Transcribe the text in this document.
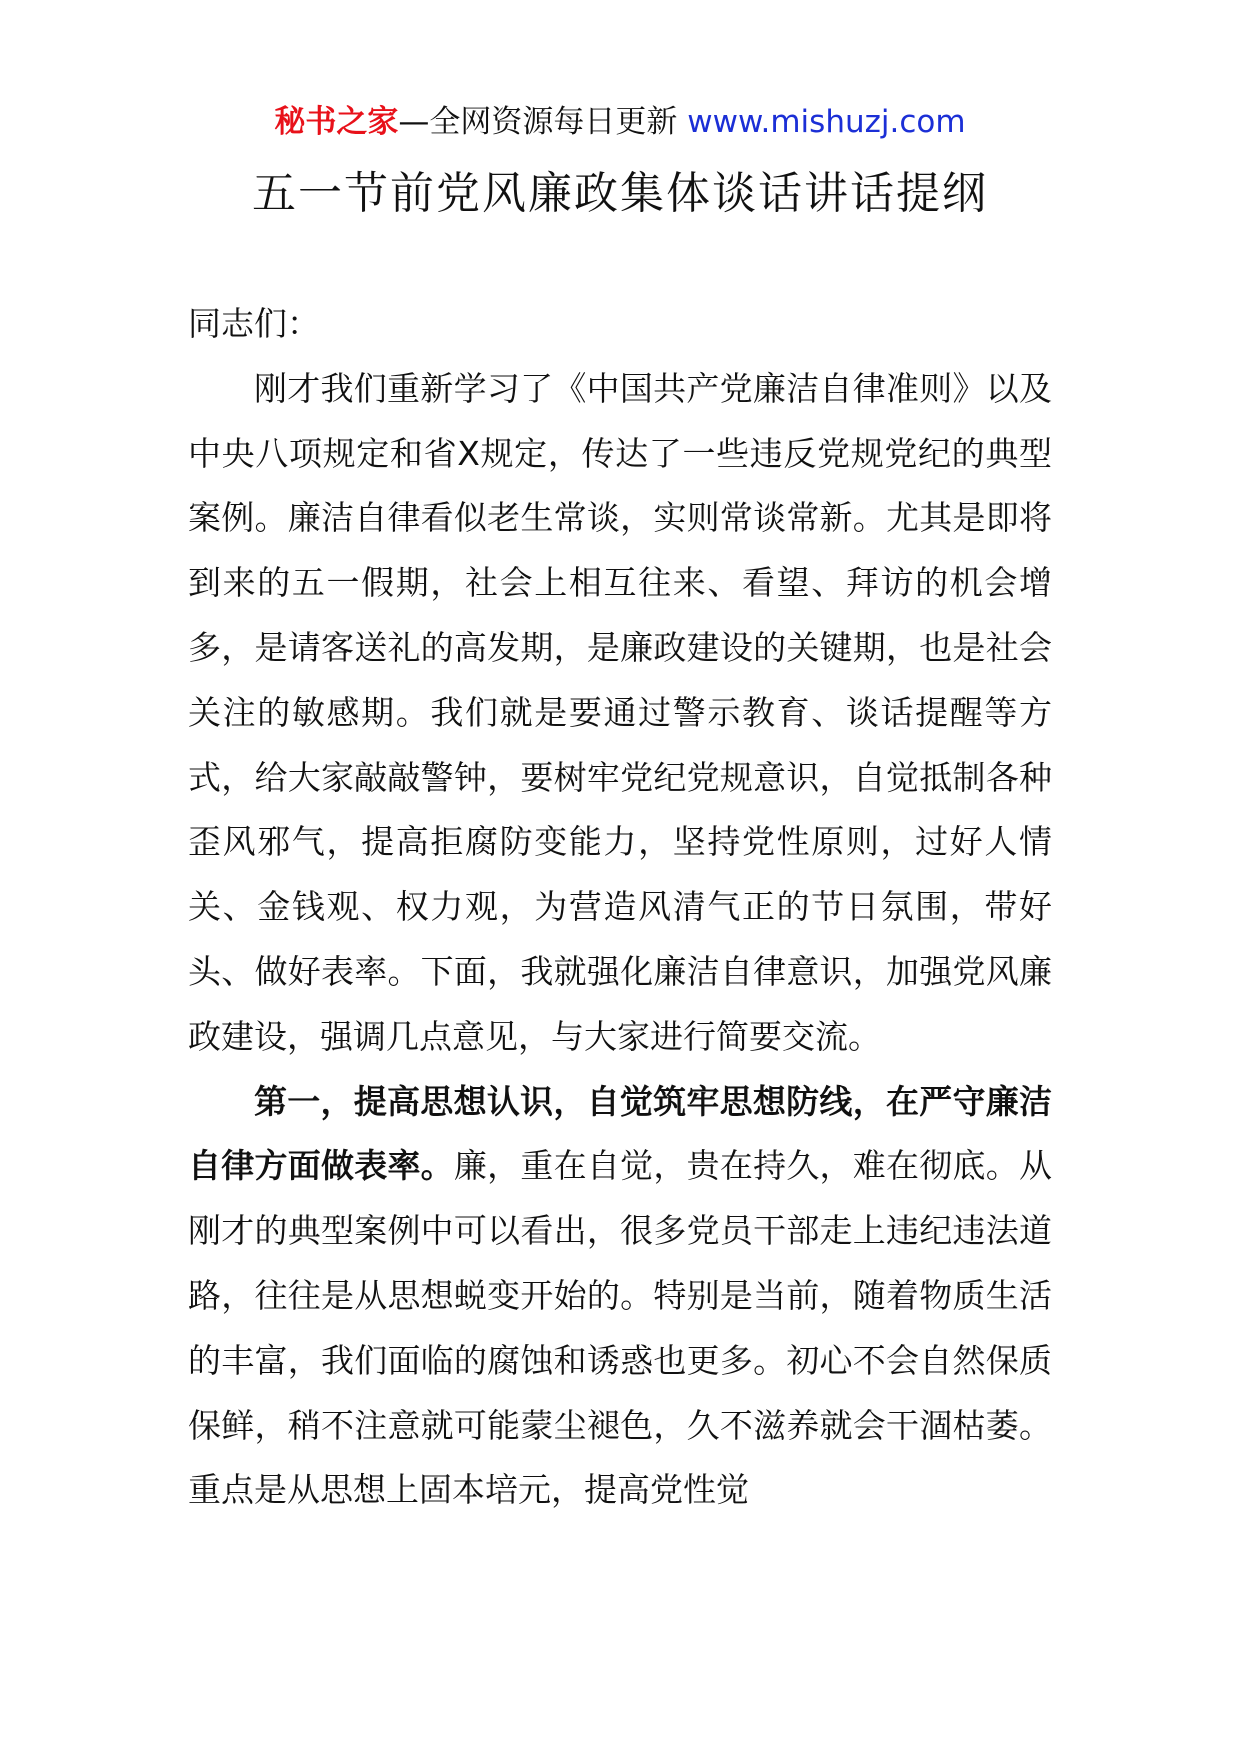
秘书之家—全网资源每日更新 www.mishuzj.com
五一节前党风廉政集体谈话讲话提纲

同志们：

刚才我们重新学习了《中国共产党廉洁自律准则》以及中央八项规定和省X规定，传达了一些违反党规党纪的典型案例。廉洁自律看似老生常谈，实则常谈常新。尤其是即将到来的五一假期，社会上相互往来、看望、拜访的机会增多，是请客送礼的高发期，是廉政建设的关键期，也是社会关注的敏感期。我们就是要通过警示教育、谈话提醒等方式，给大家敲敲警钟，要树牢党纪党规意识，自觉抵制各种歪风邪气，提高拒腐防变能力，坚持党性原则，过好人情关、金钱观、权力观，为营造风清气正的节日氛围，带好头、做好表率。下面，我就强化廉洁自律意识，加强党风廉政建设，强调几点意见，与大家进行简要交流。

第一，提高思想认识，自觉筑牢思想防线，在严守廉洁自律方面做表率。廉，重在自觉，贵在持久，难在彻底。从刚才的典型案例中可以看出，很多党员干部走上违纪违法道路，往往是从思想蜕变开始的。特别是当前，随着物质生活的丰富，我们面临的腐蚀和诱惑也更多。初心不会自然保质保鲜，稍不注意就可能蒙尘褪色，久不滋养就会干涸枯萎。重点是从思想上固本培元，提高党性觉
